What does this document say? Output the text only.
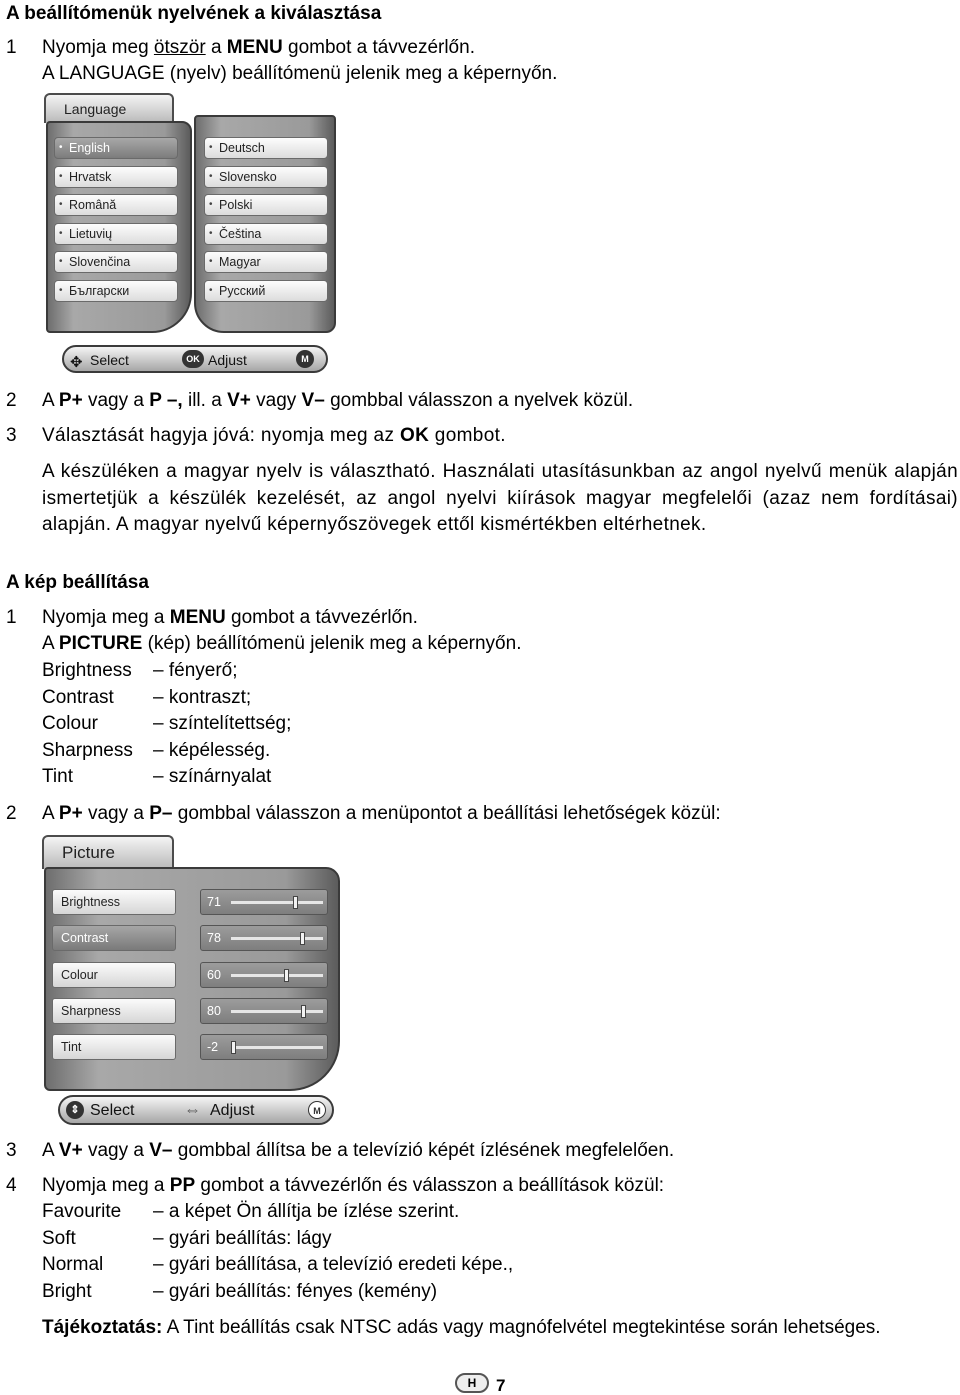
A beállítómenük nyelvének a kiválasztása
1 Nyomja meg ötször a MENU gombot a távvezérlőn.
A LANGUAGE (nyelv) beállítómenü jelenik meg a képernyőn.
Language
✥ Select	OK Adjust	M
• English
• Hrvatsk
• Română
• Lietuvių
• Slovenčina
• Български
• Deutsch
• Slovensko
• Polski
• Čeština
• Magyar
• Русский
2 A P+ vagy a P –, ill. a V+ vagy V– gombbal válasszon a nyelvek közül.
3 Választását hagyja jóvá: nyomja meg az OK gombot.
A készüléken a magyar nyelv is választható. Használati utasításunkban az angol nyelvű menük alapján ismertetjük a készülék kezelését, az angol nyelvi kiírások magyar megfelelői (azaz nem fordításai) alapján. A magyar nyelvű képernyőszövegek ettől kismértékben eltérhetnek.
A kép beállítása
1 Nyomja meg a MENU gombot a távvezérlőn.
A PICTURE (kép) beállítómenü jelenik meg a képernyőn.
Brightness – fényerő;
Contrast – kontraszt;
Colour	– színtelítettség;
Sharpness – képélesség.
Tint	– színárnyalat
2 A P+ vagy a P– gombbal válasszon a menüpontot a beállítási lehetőségek közül:
Picture
Brightness	71
Contrast	78
Colour	60
Sharpness	80
Tint	-2
⇕ Select	⇔ Adjust	M
3 A V+ vagy a V– gombbal állítsa be a televízió képét ízlésének megfelelően.
4 Nyomja meg a PP gombot a távvezérlőn és válasszon a beállítások közül:
Favourite – a képet Ön állítja be ízlése szerint.
Soft	– gyári beállítás: lágy
Normal	– gyári beállítása, a televízió eredeti képe.,
Bright	– gyári beállítás: fényes (kemény)
Tájékoztatás: A Tint beállítás csak NTSC adás vagy magnófelvétel megtekintése során lehetséges.
H	7
